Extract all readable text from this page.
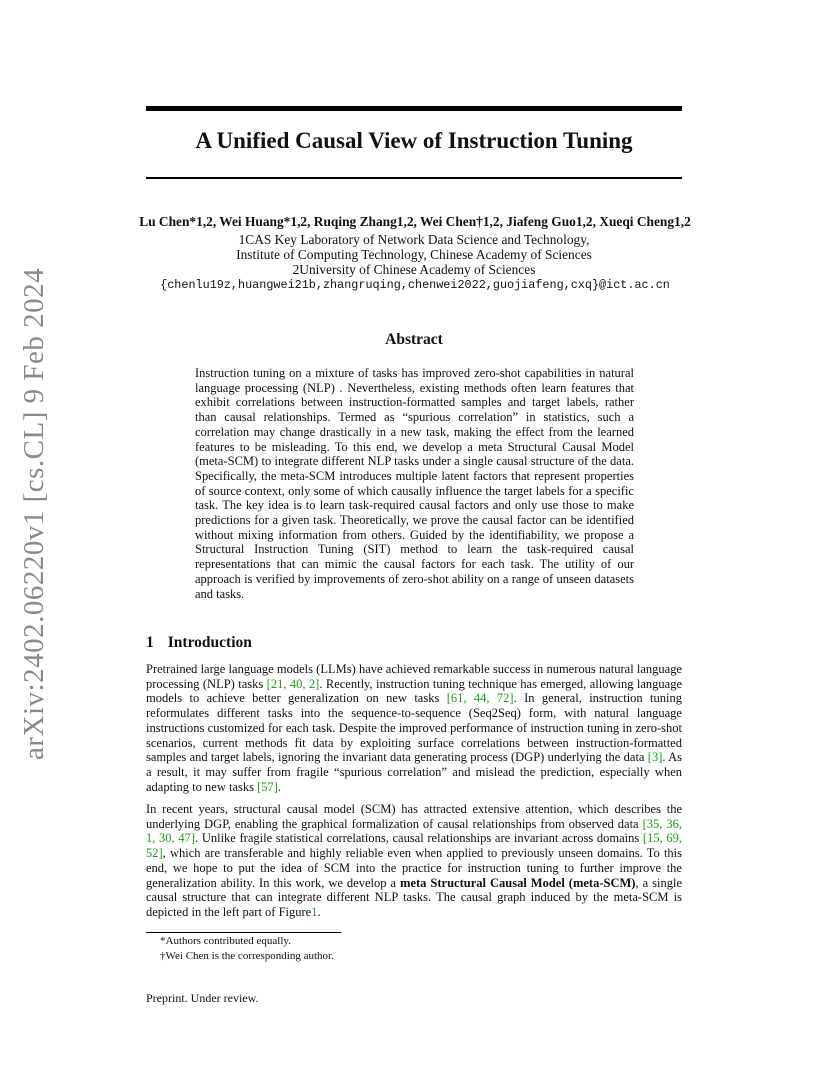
arXiv:2402.06220v1 [cs.CL] 9 Feb 2024
A Unified Causal View of Instruction Tuning
Lu Chen*1,2, Wei Huang*1,2, Ruqing Zhang1,2, Wei Chen†1,2, Jiafeng Guo1,2, Xueqi Cheng1,2
1CAS Key Laboratory of Network Data Science and Technology,
Institute of Computing Technology, Chinese Academy of Sciences
2University of Chinese Academy of Sciences
{chenlu19z,huangwei21b,zhangruqing,chenwei2022,guojiafeng,cxq}@ict.ac.cn
Abstract
Instruction tuning on a mixture of tasks has improved zero-shot capabilities in natural language processing (NLP) . Nevertheless, existing methods often learn features that exhibit correlations between instruction-formatted samples and target labels, rather than causal relationships. Termed as “spurious correlation” in statistics, such a correlation may change drastically in a new task, making the effect from the learned features to be misleading. To this end, we develop a meta Structural Causal Model (meta-SCM) to integrate different NLP tasks under a single causal structure of the data. Specifically, the meta-SCM introduces multiple latent factors that represent properties of source context, only some of which causally influence the target labels for a specific task. The key idea is to learn task-required causal factors and only use those to make predictions for a given task. Theoretically, we prove the causal factor can be identified without mixing information from others. Guided by the identifiability, we propose a Structural Instruction Tuning (SIT) method to learn the task-required causal representations that can mimic the causal factors for each task. The utility of our approach is verified by improvements of zero-shot ability on a range of unseen datasets and tasks.
1 Introduction
Pretrained large language models (LLMs) have achieved remarkable success in numerous natural language processing (NLP) tasks [21, 40, 2]. Recently, instruction tuning technique has emerged, allowing language models to achieve better generalization on new tasks [61, 44, 72]. In general, instruction tuning reformulates different tasks into the sequence-to-sequence (Seq2Seq) form, with natural language instructions customized for each task. Despite the improved performance of instruction tuning in zero-shot scenarios, current methods fit data by exploiting surface correlations between instruction-formatted samples and target labels, ignoring the invariant data generating process (DGP) underlying the data [3]. As a result, it may suffer from fragile “spurious correlation” and mislead the prediction, especially when adapting to new tasks [57].
In recent years, structural causal model (SCM) has attracted extensive attention, which describes the underlying DGP, enabling the graphical formalization of causal relationships from observed data [35, 36, 1, 30, 47]. Unlike fragile statistical correlations, causal relationships are invariant across domains [15, 69, 52], which are transferable and highly reliable even when applied to previously unseen domains. To this end, we hope to put the idea of SCM into the practice for instruction tuning to further improve the generalization ability. In this work, we develop a meta Structural Causal Model (meta-SCM), a single causal structure that can integrate different NLP tasks. The causal graph induced by the meta-SCM is depicted in the left part of Figure1.
*Authors contributed equally.
†Wei Chen is the corresponding author.
Preprint. Under review.
